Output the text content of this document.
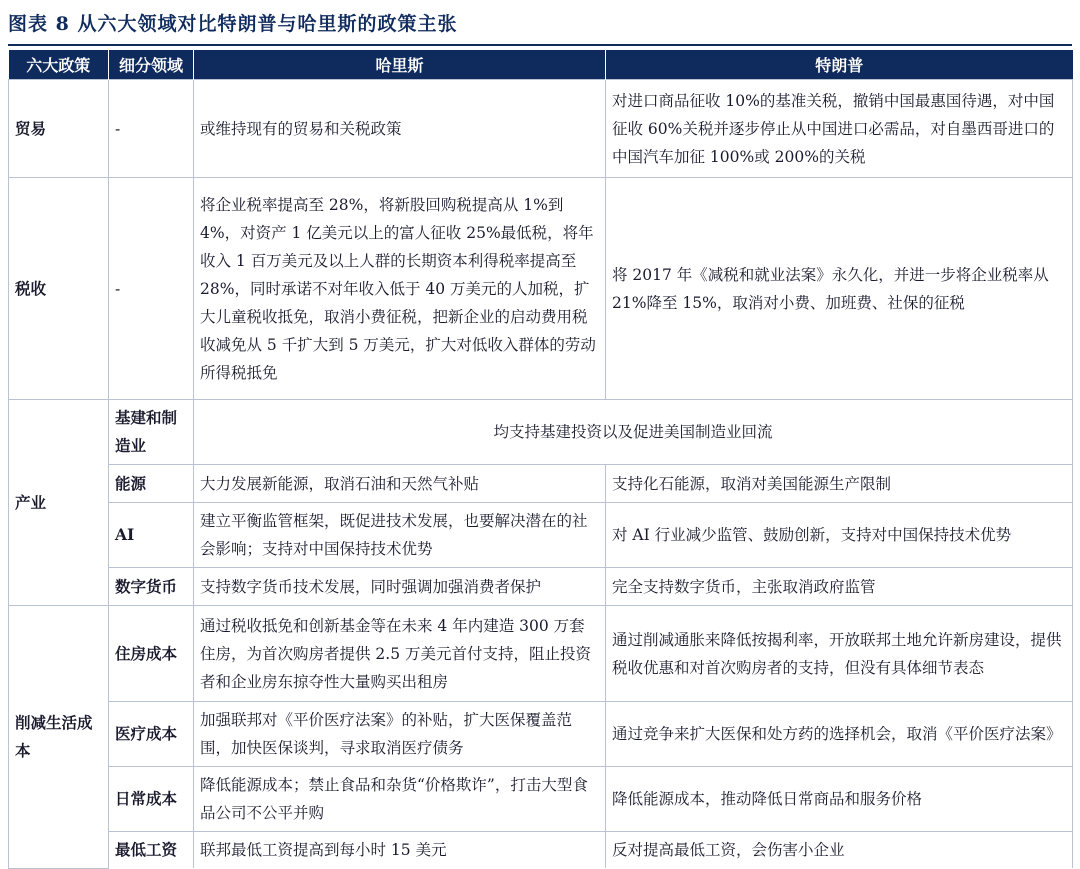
图表 8 从六大领域对比特朗普与哈里斯的政策主张
六大政策	细分领域	哈里斯	特朗普
贸易	-	或维持现有的贸易和关税政策	对进口商品征收 10%的基准关税，撤销中国最惠国待遇，对中国征收 60%关税并逐步停止从中国进口必需品，对自墨西哥进口的中国汽车加征 100%或 200%的关税
税收	-	将企业税率提高至 28%，将新股回购税提高从 1%到 4%，对资产 1 亿美元以上的富人征收 25%最低税，将年收入 1 百万美元及以上人群的长期资本利得税率提高至 28%，同时承诺不对年收入低于 40 万美元的人加税，扩大儿童税收抵免，取消小费征税，把新企业的启动费用税收减免从 5 千扩大到 5 万美元，扩大对低收入群体的劳动所得税抵免	将 2017 年《减税和就业法案》永久化，并进一步将企业税率从 21%降至 15%，取消对小费、加班费、社保的征税
产业	基建和制造业	均支持基建投资以及促进美国制造业回流	
	能源	大力发展新能源，取消石油和天然气补贴	支持化石能源，取消对美国能源生产限制
	AI	建立平衡监管框架，既促进技术发展，也要解决潜在的社会影响；支持对中国保持技术优势	对 AI 行业减少监管、鼓励创新，支持对中国保持技术优势
	数字货币	支持数字货币技术发展，同时强调加强消费者保护	完全支持数字货币，主张取消政府监管
削减生活成本	住房成本	通过税收抵免和创新基金等在未来 4 年内建造 300 万套住房，为首次购房者提供 2.5 万美元首付支持，阻止投资者和企业房东掠夺性大量购买出租房	通过削减通胀来降低按揭利率，开放联邦土地允许新房建设，提供税收优惠和对首次购房者的支持，但没有具体细节表态
	医疗成本	加强联邦对《平价医疗法案》的补贴，扩大医保覆盖范围，加快医保谈判，寻求取消医疗债务	通过竞争来扩大医保和处方药的选择机会，取消《平价医疗法案》
	日常成本	降低能源成本；禁止食品和杂货“价格欺诈”，打击大型食品公司不公平并购	降低能源成本，推动降低日常商品和服务价格
	最低工资	联邦最低工资提高到每小时 15 美元	反对提高最低工资，会伤害小企业
